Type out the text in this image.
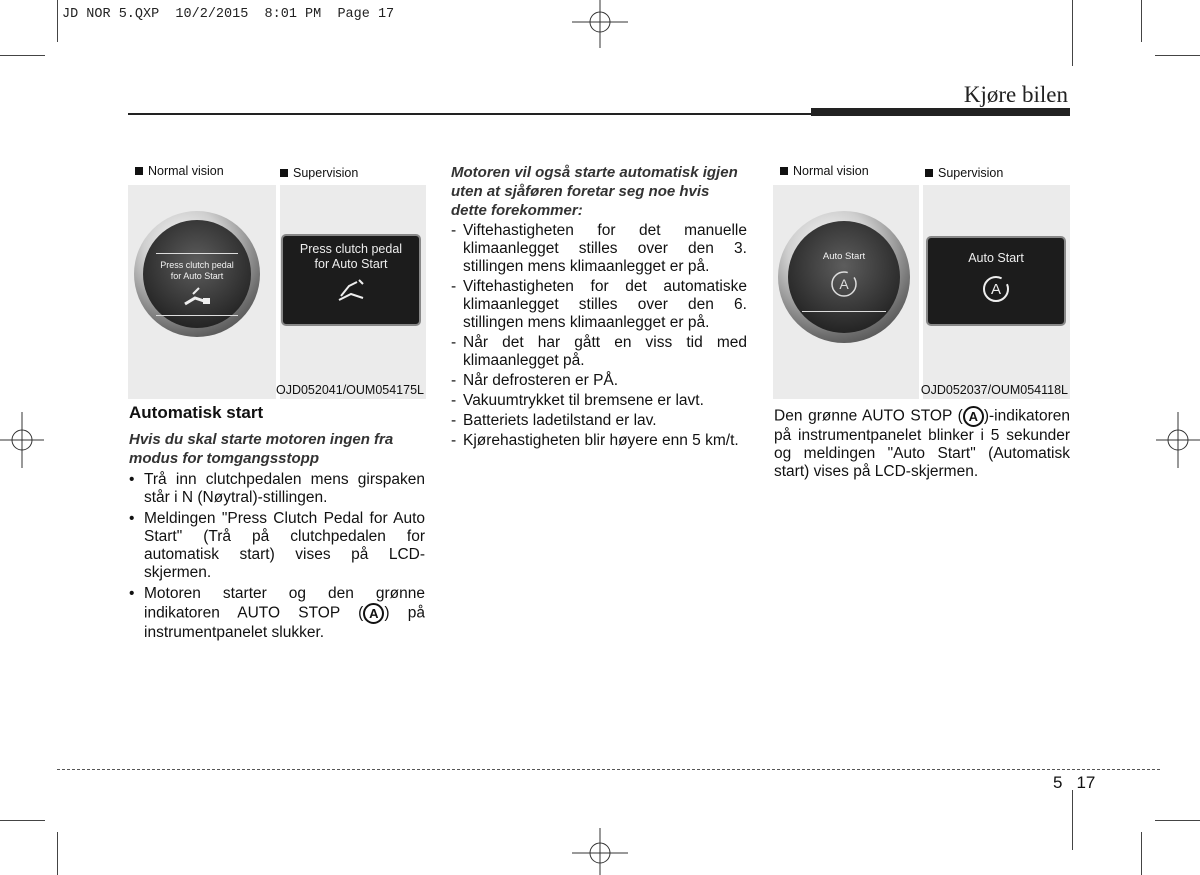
JD NOR 5.QXP  10/2/2015  8:01 PM  Page 17
Kjøre bilen
Normal vision	Supervision
Press clutch pedal
for Auto Start
Press clutch pedal
for Auto Start
OJD052041/OUM054175L
Normal vision	Supervision
Auto Start
A
Auto Start
A
OJD052037/OUM054118L
Automatisk start
Hvis du skal starte motoren ingen fra modus for tomgangsstopp
• Trå inn clutchpedalen mens girspaken står i N (Nøytral)-stillingen.
• Meldingen "Press Clutch Pedal for Auto Start" (Trå på clutchpedalen for automatisk start) vises på LCD-skjermen.
• Motoren starter og den grønne indikatoren AUTO STOP ( A ) på instrumentpanelet slukker.
Motoren vil også starte automatisk igjen uten at sjåføren foretar seg noe hvis dette forekommer:
- Viftehastigheten for det manuelle klimaanlegget stilles over den 3. stillingen mens klimaanlegget er på.
- Viftehastigheten for det automatiske klimaanlegget stilles over den 6. stillingen mens klimaanlegget er på.
- Når det har gått en viss tid med klimaanlegget på.
- Når defrosteren er PÅ.
- Vakuumtrykket til bremsene er lavt.
- Batteriets ladetilstand er lav.
- Kjørehastigheten blir høyere enn 5 km/t.
Den grønne AUTO STOP ( A )-indikatoren på instrumentpanelet blinker i 5 sekunder og meldingen "Auto Start" (Automatisk start) vises på LCD-skjermen.
5 17
